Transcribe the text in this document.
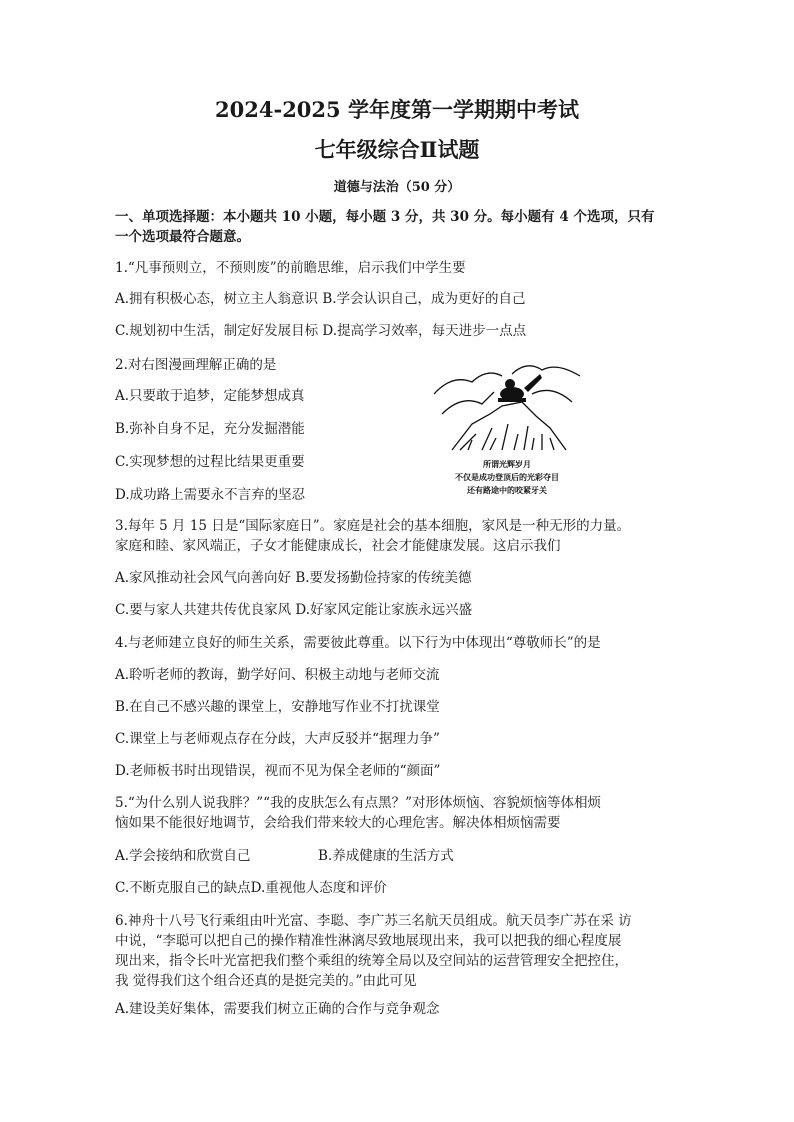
2024-2025 学年度第一学期期中考试
七年级综合Ⅱ试题
道德与法治（50 分）
一、单项选择题：本小题共 10 小题，每小题 3 分，共 30 分。每小题有 4 个选项，只有
一个选项最符合题意。
1.“凡事预则立，不预则废”的前瞻思维，启示我们中学生要
A.拥有积极心态，树立主人翁意识 B.学会认识自己，成为更好的自己
C.规划初中生活，制定好发展目标 D.提高学习效率，每天进步一点点
2.对右图漫画理解正确的是
A.只要敢于追梦，定能梦想成真
B.弥补自身不足，充分发掘潜能
C.实现梦想的过程比结果更重要
D.成功路上需要永不言弃的坚忍
所谓光辉岁月
不仅是成功登顶后的光彩夺目
还有路途中的咬紧牙关
3.每年 5 月 15 日是“国际家庭日”。家庭是社会的基本细胞，家风是一种无形的力量。
家庭和睦、家风端正，子女才能健康成长，社会才能健康发展。这启示我们
A.家风推动社会风气向善向好 B.要发扬勤俭持家的传统美德
C.要与家人共建共传优良家风 D.好家风定能让家族永远兴盛
4.与老师建立良好的师生关系，需要彼此尊重。以下行为中体现出“尊敬师长”的是
A.聆听老师的教诲，勤学好问、积极主动地与老师交流
B.在自己不感兴趣的课堂上，安静地写作业不打扰课堂
C.课堂上与老师观点存在分歧，大声反驳并“据理力争”
D.老师板书时出现错误，视而不见为保全老师的“颜面”
5.“为什么别人说我胖？”“我的皮肤怎么有点黑？”对形体烦恼、容貌烦恼等体相烦
恼如果不能很好地调节，会给我们带来较大的心理危害。解决体相烦恼需要
A.学会接纳和欣赏自己	B.养成健康的生活方式
C.不断克服自己的缺点D.重视他人态度和评价
6.神舟十八号飞行乘组由叶光富、李聪、李广苏三名航天员组成。航天员李广苏在采 访
中说，“李聪可以把自己的操作精准性淋漓尽致地展现出来，我可以把我的细心程度展
现出来，指令长叶光富把我们整个乘组的统筹全局以及空间站的运营管理安全把控住，
我 觉得我们这个组合还真的是挺完美的。”由此可见
A.建设美好集体，需要我们树立正确的合作与竞争观念
